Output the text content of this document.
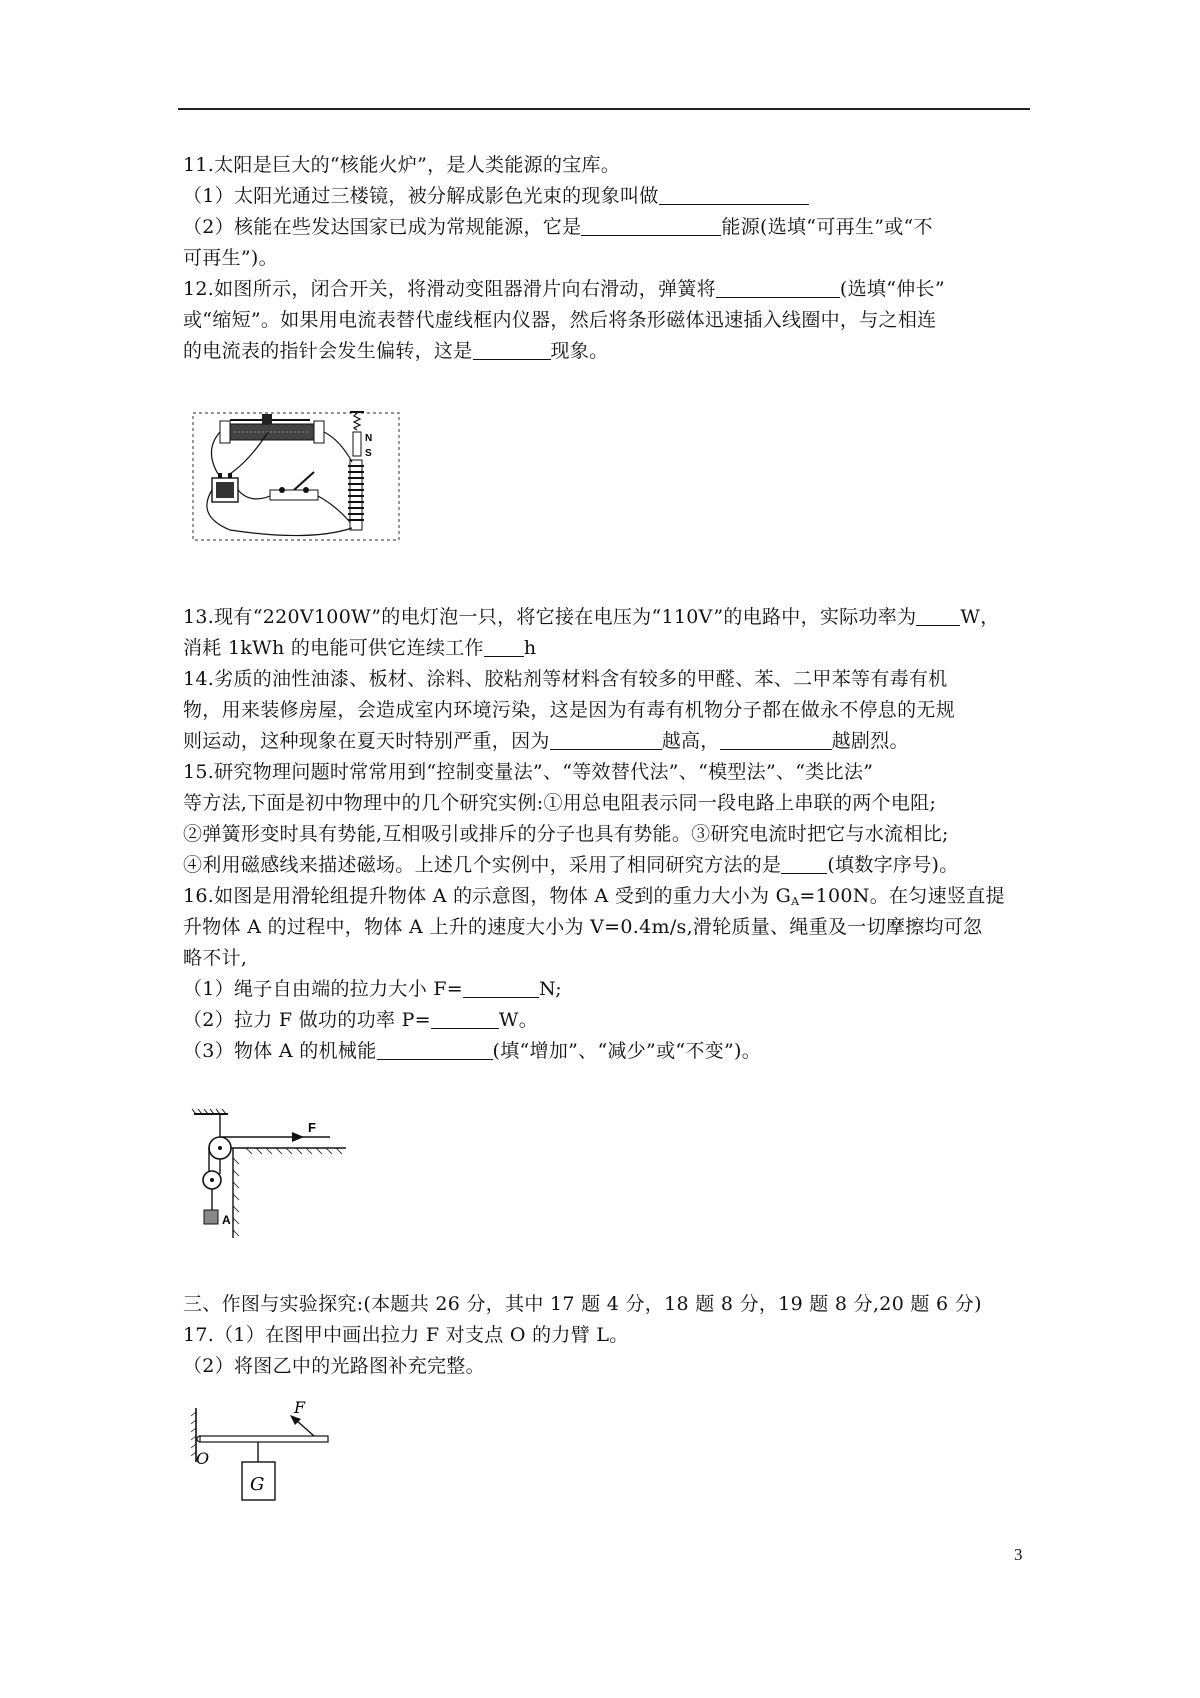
11.太阳是巨大的“核能火炉”，是人类能源的宝库。
（1）太阳光通过三楼镜，被分解成影色光束的现象叫做
（2）核能在些发达国家已成为常规能源，它是	能源(选填“可再生”或“不
可再生”)。
12.如图所示，闭合开关，将滑动变阻器滑片向右滑动，弹簧将	(选填“伸长”
或“缩短”。如果用电流表替代虚线框内仪器，然后将条形磁体迅速插入线圈中，与之相连
的电流表的指针会发生偏转，这是	现象。
N
S
13.现有“220V100W”的电灯泡一只，将它接在电压为“110V”的电路中，实际功率为 W，
消耗 1kWh 的电能可供它连续工作 h
14.劣质的油性油漆、板材、涂料、胶粘剂等材料含有较多的甲醛、苯、二甲苯等有毒有机
物，用来装修房屋，会造成室内环境污染，这是因为有毒有机物分子都在做永不停息的无规
则运动，这种现象在夏天时特别严重，因为	越高，	越剧烈。
15.研究物理问题时常常用到“控制变量法”、“等效替代法”、“模型法”、“类比法”
等方法,下面是初中物理中的几个研究实例:①用总电阻表示同一段电路上串联的两个电阻;
②弹簧形变时具有势能,互相吸引或排斥的分子也具有势能。③研究电流时把它与水流相比;
④利用磁感线来描述磁场。上述几个实例中，采用了相同研究方法的是 (填数字序号)。
16.如图是用滑轮组提升物体 A 的示意图，物体 A 受到的重力大小为 $G_A=100N$。在匀速竖直提
升物体 A 的过程中，物体 A 上升的速度大小为 V=0.4m/s,滑轮质量、绳重及一切摩擦均可忽
略不计,
（1）绳子自由端的拉力大小 F=	N;
（2）拉力 F 做功的功率 P=	W。
（3）物体 A 的机械能	(填“增加”、“减少”或“不变”)。
F
A
三、作图与实验探究:(本题共 26 分，其中 17 题 4 分，18 题 8 分，19 题 8 分,20 题 6 分)
17.（1）在图甲中画出拉力 F 对支点 O 的力臂 L。
（2）将图乙中的光路图补充完整。
F
O
G
3
